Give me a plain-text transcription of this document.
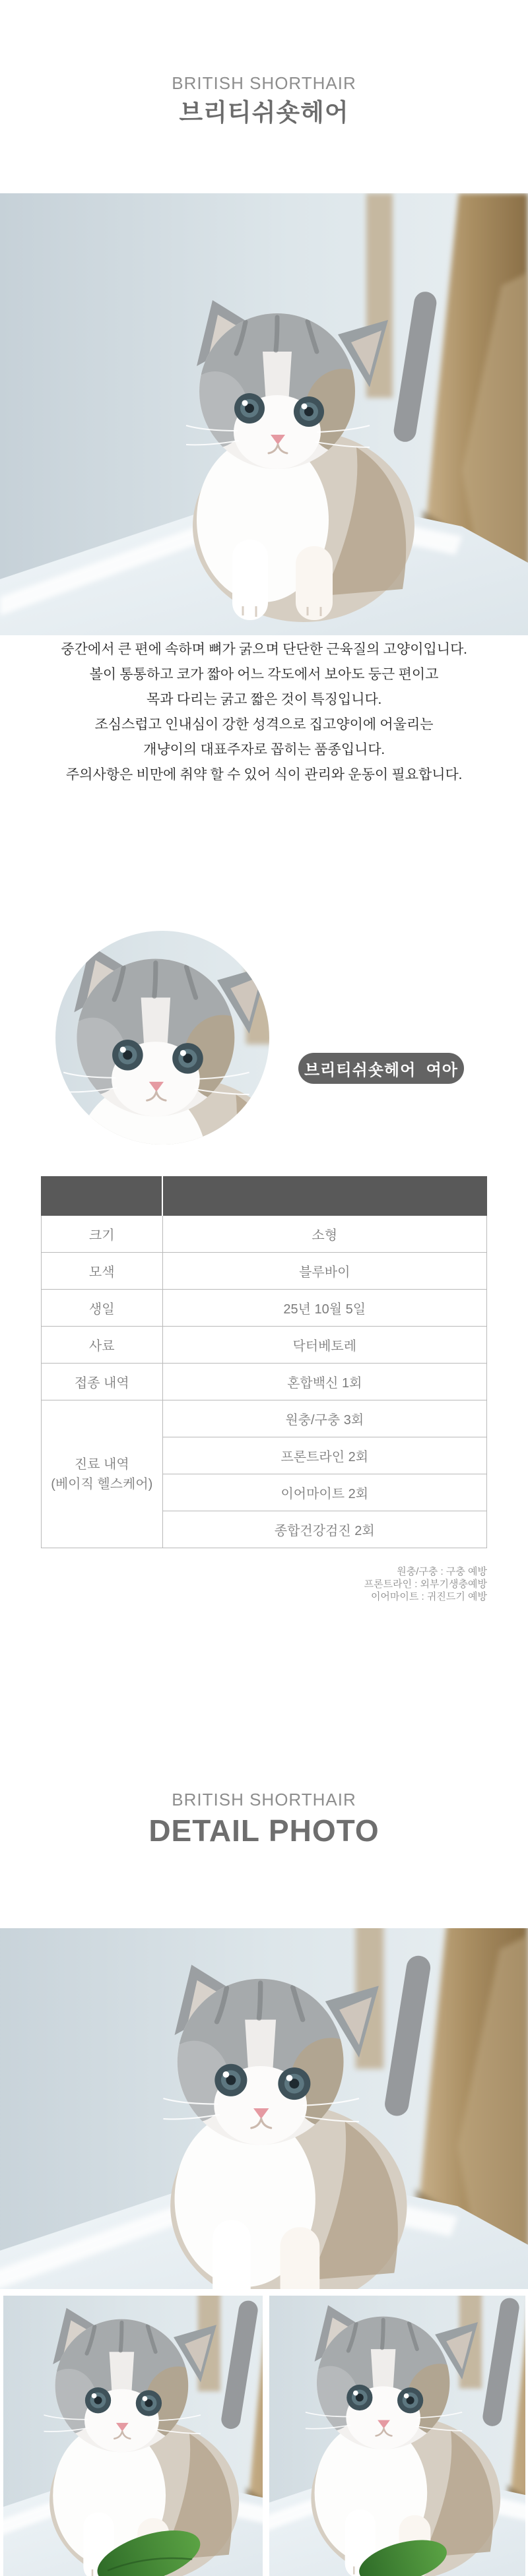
BRITISH SHORTHAIR
브리티쉬숏헤어
중간에서 큰 편에 속하며 뼈가 굵으며 단단한 근육질의 고양이입니다.
볼이 통통하고 코가 짧아 어느 각도에서 보아도 둥근 편이고
목과 다리는 굵고 짧은 것이 특징입니다.
조심스럽고 인내심이 강한 성격으로 집고양이에 어울리는
개냥이의 대표주자로 꼽히는 품종입니다.
주의사항은 비만에 취약 할 수 있어 식이 관리와 운동이 필요합니다.
브리티쉬숏헤어  여아

크기	소형
모색	블루바이
생일	25년 10월 5일
사료	닥터베토레
접종 내역	혼합백신 1회

진료 내역
(베이직 헬스케어)	원충/구충 3회
	프론트라인 2회
	이어마이트 2회
	종합건강검진 2회
원충/구충 : 구충 예방
프론트라인 : 외부기생충예방
이어마이트 : 귀진드기 예방
BRITISH SHORTHAIR
DETAIL PHOTO
